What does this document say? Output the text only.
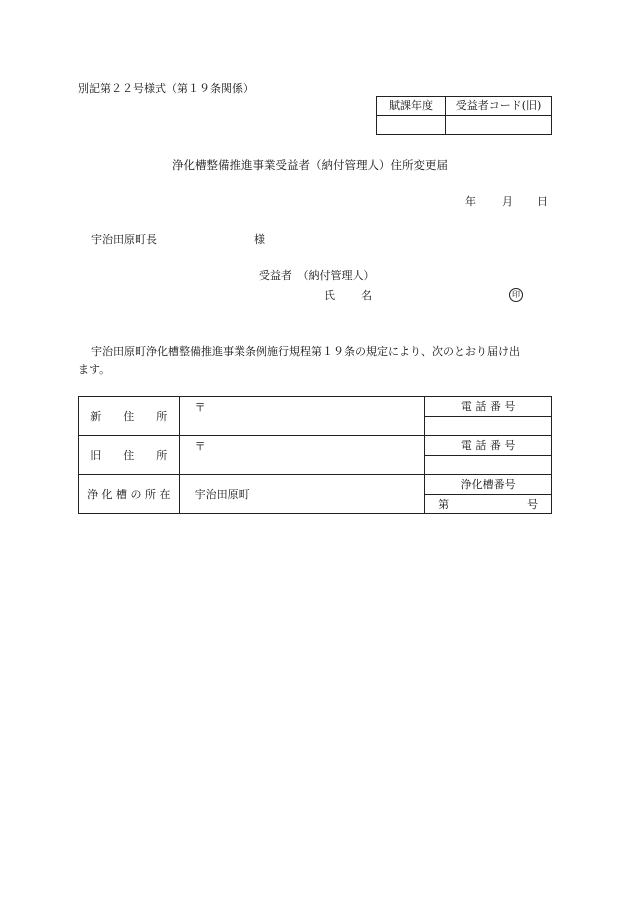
別記第２２号様式（第１９条関係）
賦課年度	受益者コード(旧)

浄化槽整備推進事業受益者（納付管理人）住所変更届
年 月 日
宇治田原町長	様
受益者　（納付管理人）
氏 名	印
宇治田原町浄化槽整備推進事業条例施行規程第１９条の規定により、次のとおり届け出
ます。
新　　住　　所	〒	電 話 番 号

旧　　住　　所	〒	電 話 番 号

浄 化 槽 の 所 在	宇治田原町	浄化槽番号
		第 号
